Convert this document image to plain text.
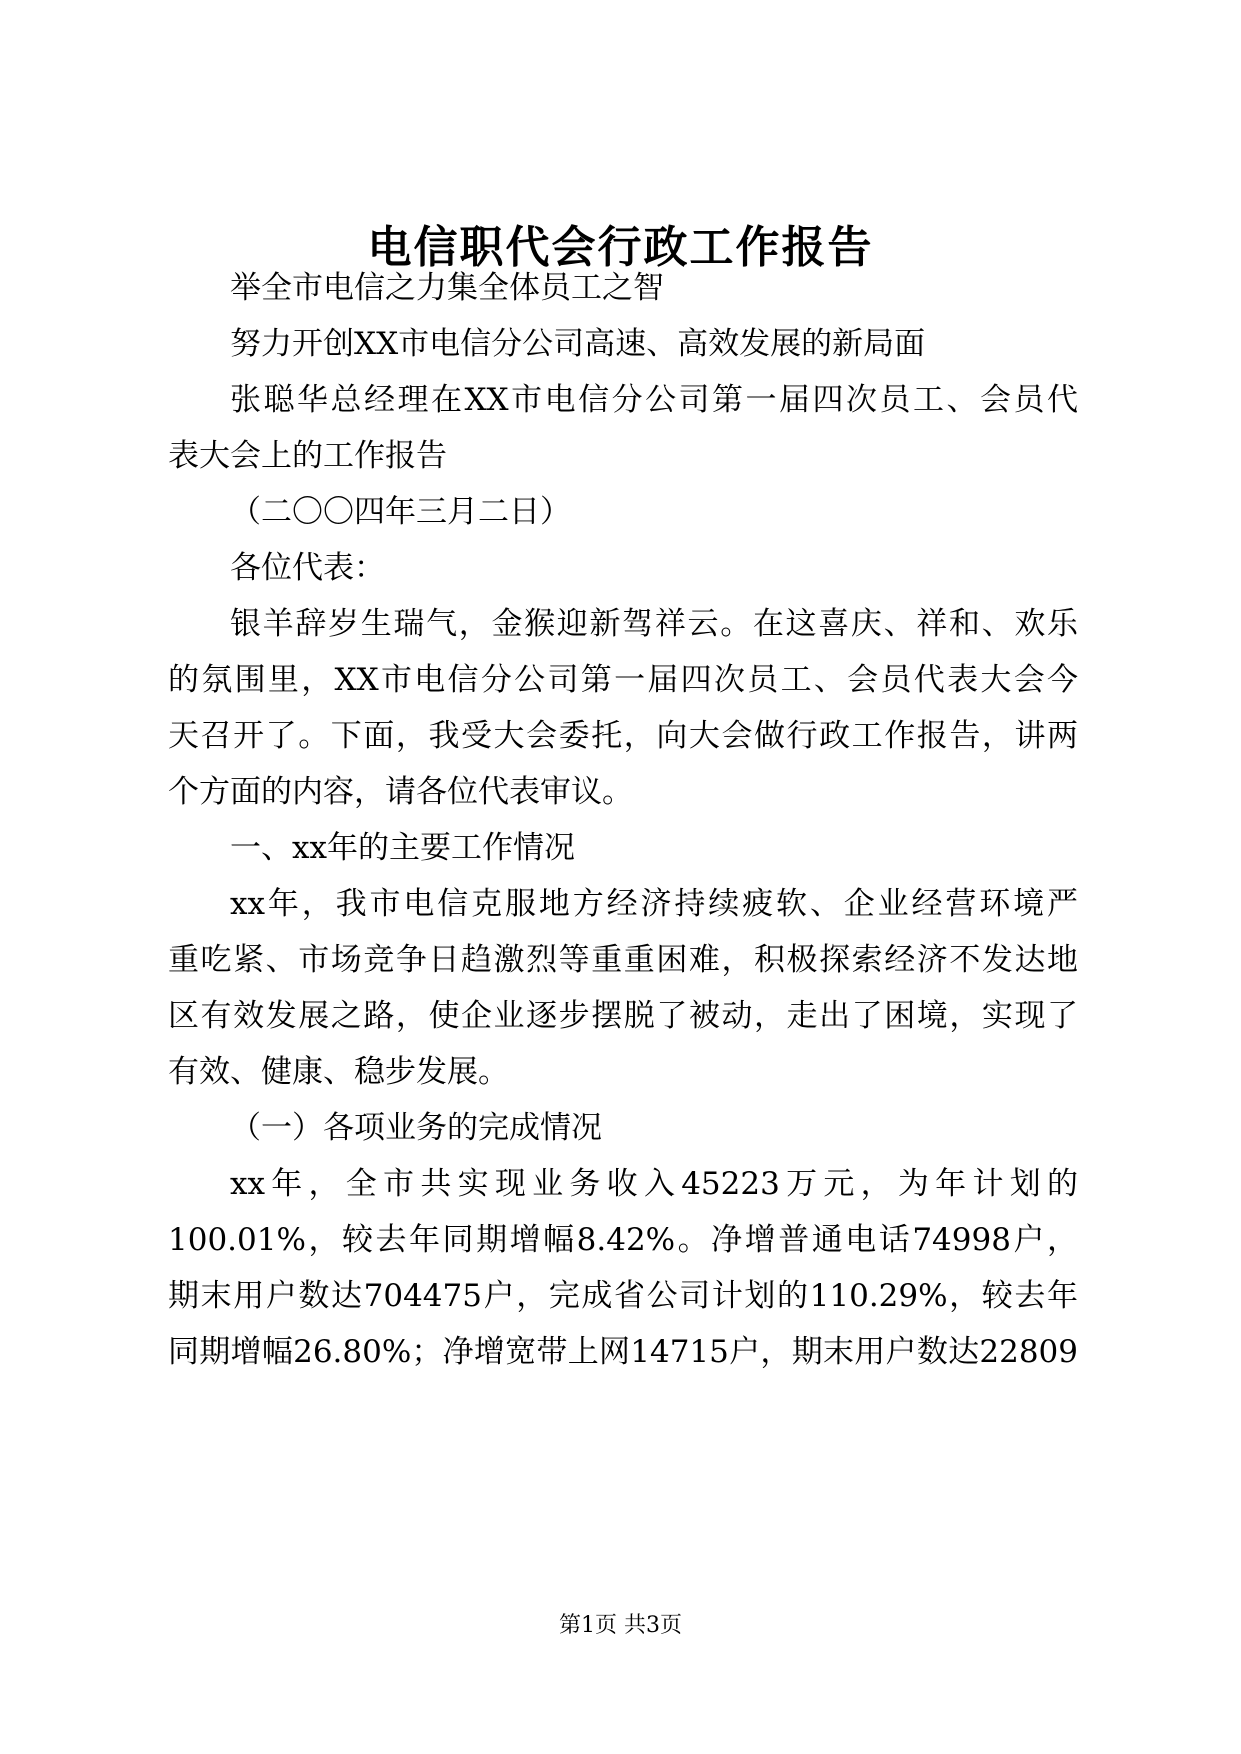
电信职代会行政工作报告
举全市电信之力集全体员工之智
努力开创XX市电信分公司高速、高效发展的新局面
张聪华总经理在XX市电信分公司第一届四次员工、会员代
表大会上的工作报告
（二〇〇四年三月二日）
各位代表：
银羊辞岁生瑞气，金猴迎新驾祥云。在这喜庆、祥和、欢乐
的氛围里，XX市电信分公司第一届四次员工、会员代表大会今
天召开了。下面，我受大会委托，向大会做行政工作报告，讲两
个方面的内容，请各位代表审议。
一、xx年的主要工作情况
xx年，我市电信克服地方经济持续疲软、企业经营环境严
重吃紧、市场竞争日趋激烈等重重困难，积极探索经济不发达地
区有效发展之路，使企业逐步摆脱了被动，走出了困境，实现了
有效、健康、稳步发展。
（一）各项业务的完成情况
xx年，全市共实现业务收入45223万元，为年计划的
100.01%，较去年同期增幅8.42%。净增普通电话74998户，
期末用户数达704475户，完成省公司计划的110.29%，较去年
同期增幅26.80%；净增宽带上网14715户，期末用户数达22809
第1页 共3页
